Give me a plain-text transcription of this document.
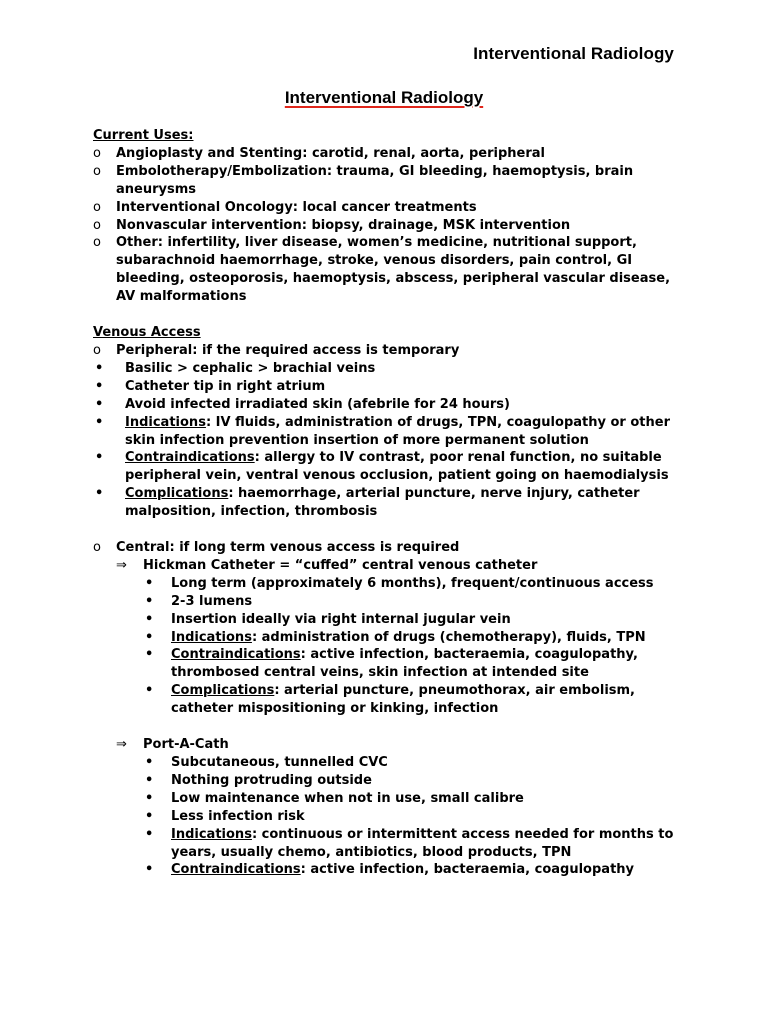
Interventional Radiology
Interventional Radiology
Current Uses:
o Angioplasty and Stenting: carotid, renal, aorta, peripheral
o Embolotherapy/Embolization: trauma, GI bleeding, haemoptysis, brain aneurysms
o Interventional Oncology: local cancer treatments
o Nonvascular intervention: biopsy, drainage, MSK intervention
o Other: infertility, liver disease, women’s medicine, nutritional support, subarachnoid haemorrhage, stroke, venous disorders, pain control, GI bleeding, osteoporosis, haemoptysis, abscess, peripheral vascular disease, AV malformations
Venous Access
o Peripheral: if the required access is temporary
• Basilic > cephalic > brachial veins
• Catheter tip in right atrium
• Avoid infected irradiated skin (afebrile for 24 hours)
• Indications: IV fluids, administration of drugs, TPN, coagulopathy or other skin infection prevention insertion of more permanent solution
• Contraindications: allergy to IV contrast, poor renal function, no suitable peripheral vein, ventral venous occlusion, patient going on haemodialysis
• Complications: haemorrhage, arterial puncture, nerve injury, catheter malposition, infection, thrombosis
o Central: if long term venous access is required
⇒ Hickman Catheter = “cuffed” central venous catheter
• Long term (approximately 6 months), frequent/continuous access
• 2-3 lumens
• Insertion ideally via right internal jugular vein
• Indications: administration of drugs (chemotherapy), fluids, TPN
• Contraindications: active infection, bacteraemia, coagulopathy, thrombosed central veins, skin infection at intended site
• Complications: arterial puncture, pneumothorax, air embolism, catheter mispositioning or kinking, infection
⇒ Port-A-Cath
• Subcutaneous, tunnelled CVC
• Nothing protruding outside
• Low maintenance when not in use, small calibre
• Less infection risk
• Indications: continuous or intermittent access needed for months to years, usually chemo, antibiotics, blood products, TPN
• Contraindications: active infection, bacteraemia, coagulopathy
